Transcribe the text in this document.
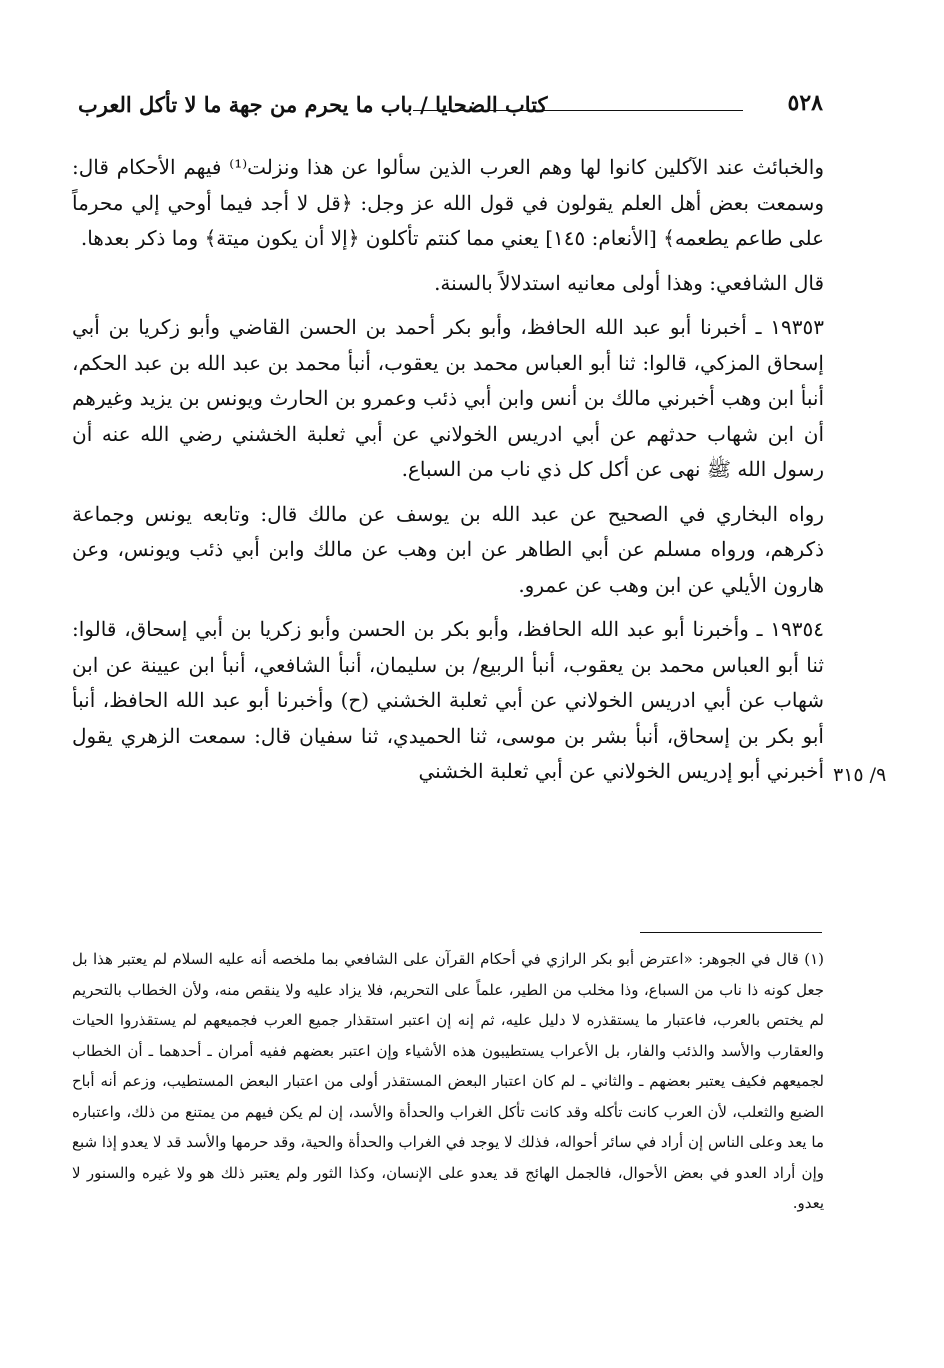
٥٢٨
كتاب الضحايا / باب ما يحرم من جهة ما لا تأكل العرب

والخبائث عند الآكلين كانوا لها وهم العرب الذين سألوا عن هذا ونزلت⁽¹⁾ فيهم الأحكام قال: وسمعت بعض أهل العلم يقولون في قول الله عز وجل: ﴿قل لا أجد فيما أوحي إلي محرماً على طاعم يطعمه﴾ [الأنعام: ١٤٥] يعني مما كنتم تأكلون ﴿إلا أن يكون ميتة﴾ وما ذكر بعدها.

قال الشافعي: وهذا أولى معانيه استدلالاً بالسنة.

١٩٣٥٣ ـ أخبرنا أبو عبد الله الحافظ، وأبو بكر أحمد بن الحسن القاضي وأبو زكريا بن أبي إسحاق المزكي، قالوا: ثنا أبو العباس محمد بن يعقوب، أنبأ محمد بن عبد الله بن عبد الحكم، أنبأ ابن وهب أخبرني مالك بن أنس وابن أبي ذئب وعمرو بن الحارث ويونس بن يزيد وغيرهم أن ابن شهاب حدثهم عن أبي ادريس الخولاني عن أبي ثعلبة الخشني رضي الله عنه أن رسول الله ﷺ نهى عن أكل كل ذي ناب من السباع.

رواه البخاري في الصحيح عن عبد الله بن يوسف عن مالك قال: وتابعه يونس وجماعة ذكرهم، ورواه مسلم عن أبي الطاهر عن ابن وهب عن مالك وابن أبي ذئب ويونس، وعن هارون الأيلي عن ابن وهب عن عمرو.

١٩٣٥٤ ـ وأخبرنا أبو عبد الله الحافظ، وأبو بكر بن الحسن وأبو زكريا بن أبي إسحاق، قالوا: ثنا أبو العباس محمد بن يعقوب، أنبأ الربيع/ بن سليمان، أنبأ الشافعي، أنبأ ابن عيينة عن ابن شهاب عن أبي ادريس الخولاني عن أبي ثعلبة الخشني (ح) وأخبرنا أبو عبد الله الحافظ، أنبأ أبو بكر بن إسحاق، أنبأ بشر بن موسى، ثنا الحميدي، ثنا سفيان قال: سمعت الزهري يقول أخبرني أبو إدريس الخولاني عن أبي ثعلبة الخشني ٩/ ٣١٥

(١) قال في الجوهر: «اعترض أبو بكر الرازي في أحكام القرآن على الشافعي بما ملخصه أنه عليه السلام لم يعتبر هذا بل جعل كونه ذا ناب من السباع، وذا مخلب من الطير، علماً على التحريم، فلا يزاد عليه ولا ينقص منه، ولأن الخطاب بالتحريم لم يختص بالعرب، فاعتبار ما يستقذره لا دليل عليه، ثم إنه إن اعتبر استقذار جميع العرب فجميعهم لم يستقذروا الحيات والعقارب والأسد والذئب والفار، بل الأعراب يستطيبون هذه الأشياء وإن اعتبر بعضهم ففيه أمران ـ أحدهما ـ أن الخطاب لجميعهم فكيف يعتبر بعضهم ـ والثاني ـ لم كان اعتبار البعض المستقذر أولى من اعتبار البعض المستطيب، وزعم أنه أباح الضبع والثعلب، لأن العرب كانت تأكله وقد كانت تأكل الغراب والحدأة والأسد، إن لم يكن فيهم من يمتنع من ذلك، واعتباره ما يعد وعلى الناس إن أراد في سائر أحواله، فذلك لا يوجد في الغراب والحدأة والحية، وقد حرمها والأسد قد لا يعدو إذا شبع وإن أراد العدو في بعض الأحوال، فالجمل الهائج قد يعدو على الإنسان، وكذا الثور ولم يعتبر ذلك هو ولا غيره والسنور لا يعدو.
